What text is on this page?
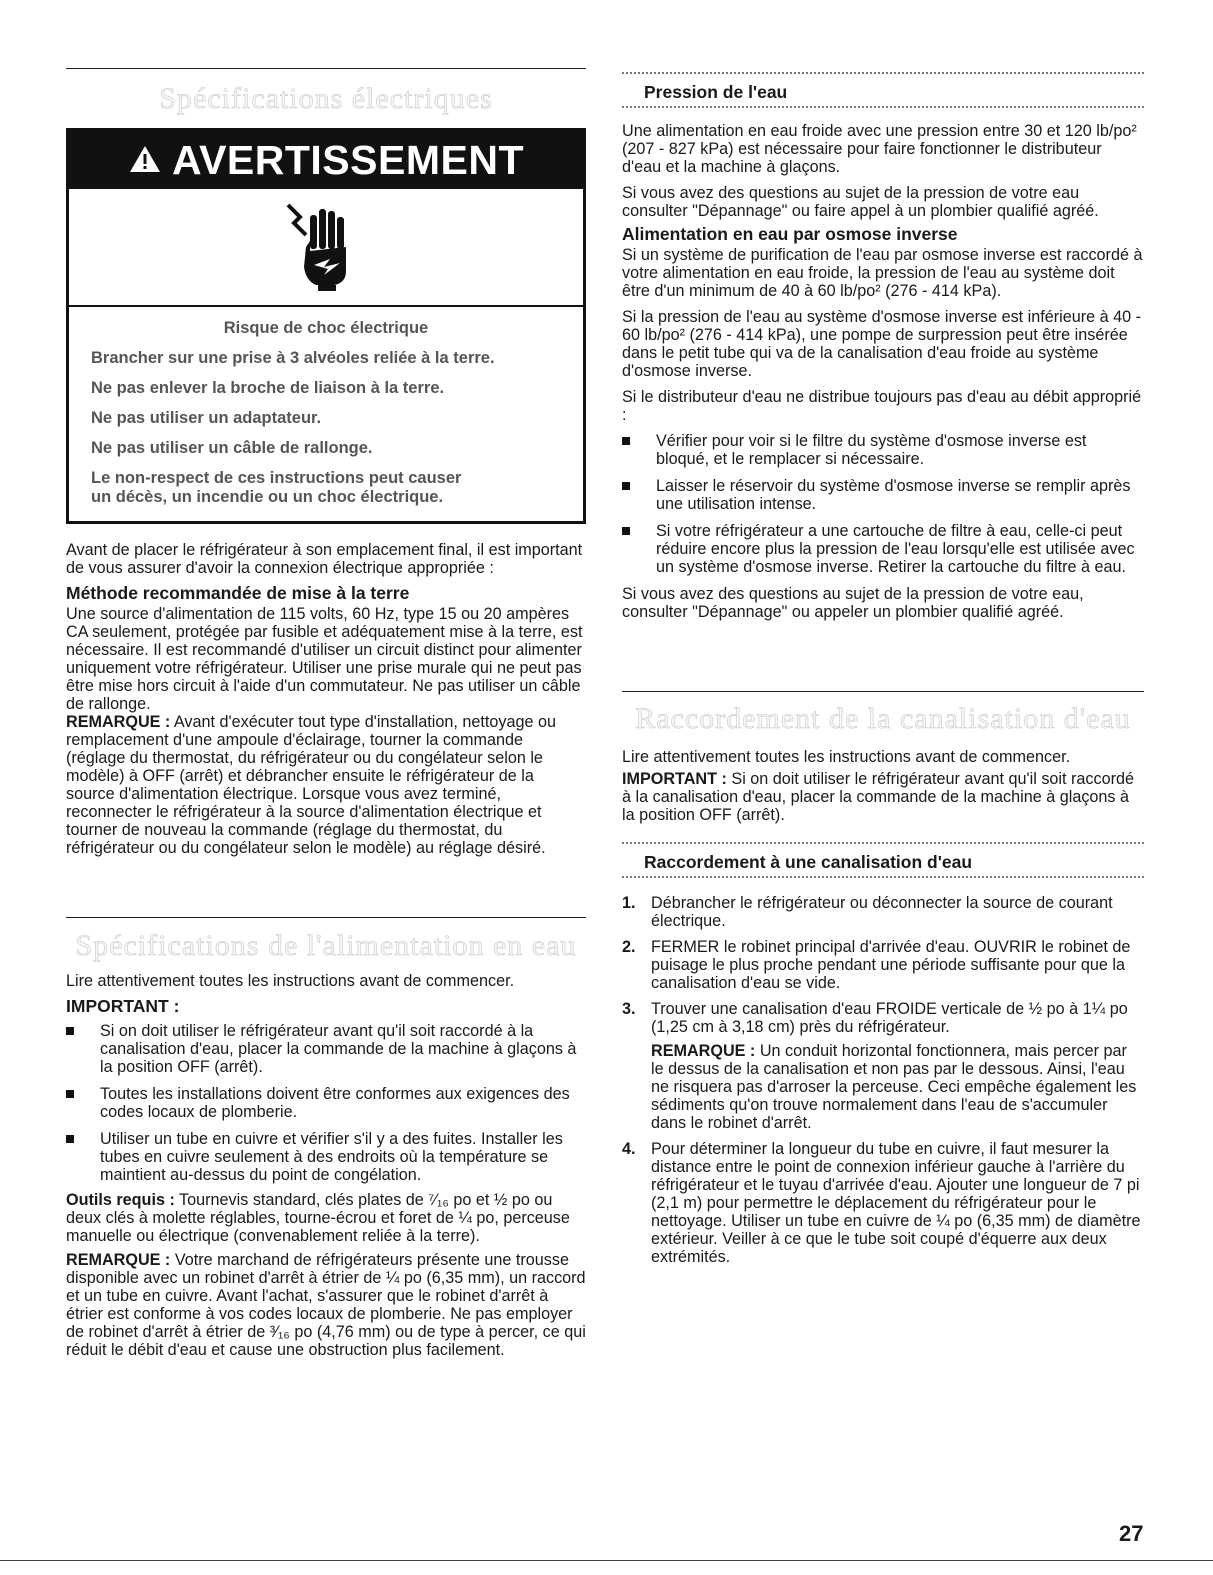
Spécifications électriques
AVERTISSEMENT

Risque de choc électrique

Brancher sur une prise à 3 alvéoles reliée à la terre.

Ne pas enlever la broche de liaison à la terre.

Ne pas utiliser un adaptateur.

Ne pas utiliser un câble de rallonge.

Le non-respect de ces instructions peut causer

un décès, un incendie ou un choc électrique.

Avant de placer le réfrigérateur à son emplacement final, il est important de vous assurer d'avoir la connexion électrique appropriée :

Méthode recommandée de mise à la terre

Une source d'alimentation de 115 volts, 60 Hz, type 15 ou 20 ampères CA seulement, protégée par fusible et adéquatement mise à la terre, est nécessaire. Il est recommandé d'utiliser un circuit distinct pour alimenter uniquement votre réfrigérateur. Utiliser une prise murale qui ne peut pas être mise hors circuit à l'aide d'un commutateur. Ne pas utiliser un câble de rallonge.

REMARQUE : Avant d'exécuter tout type d'installation, nettoyage ou remplacement d'une ampoule d'éclairage, tourner la commande (réglage du thermostat, du réfrigérateur ou du congélateur selon le modèle) à OFF (arrêt) et débrancher ensuite le réfrigérateur de la source d'alimentation électrique. Lorsque vous avez terminé, reconnecter le réfrigérateur à la source d'alimentation électrique et tourner de nouveau la commande (réglage du thermostat, du réfrigérateur ou du congélateur selon le modèle) au réglage désiré.

Spécifications de l'alimentation en eau

Lire attentivement toutes les instructions avant de commencer.

IMPORTANT :

Si on doit utiliser le réfrigérateur avant qu'il soit raccordé à la canalisation d'eau, placer la commande de la machine à glaçons à la position OFF (arrêt).
Toutes les installations doivent être conformes aux exigences des codes locaux de plomberie.
Utiliser un tube en cuivre et vérifier s'il y a des fuites. Installer les tubes en cuivre seulement à des endroits où la température se maintient au-dessus du point de congélation.

Outils requis : Tournevis standard, clés plates de ⁷⁄₁₆ po et ½ po ou deux clés à molette réglables, tourne-écrou et foret de ¼ po, perceuse manuelle ou électrique (convenablement reliée à la terre).

REMARQUE : Votre marchand de réfrigérateurs présente une trousse disponible avec un robinet d'arrêt à étrier de ¼ po (6,35 mm), un raccord et un tube en cuivre. Avant l'achat, s'assurer que le robinet d'arrêt à étrier est conforme à vos codes locaux de plomberie. Ne pas employer de robinet d'arrêt à étrier de ³⁄₁₆ po (4,76 mm) ou de type à percer, ce qui réduit le débit d'eau et cause une obstruction plus facilement.

Pression de l'eau

Une alimentation en eau froide avec une pression entre 30 et 120 lb/po² (207 - 827 kPa) est nécessaire pour faire fonctionner le distributeur d'eau et la machine à glaçons.

Si vous avez des questions au sujet de la pression de votre eau consulter "Dépannage" ou faire appel à un plombier qualifié agréé.

Alimentation en eau par osmose inverse

Si un système de purification de l'eau par osmose inverse est raccordé à votre alimentation en eau froide, la pression de l'eau au système doit être d'un minimum de 40 à 60 lb/po² (276 - 414 kPa).

Si la pression de l'eau au système d'osmose inverse est inférieure à 40 - 60 lb/po² (276 - 414 kPa), une pompe de surpression peut être insérée dans le petit tube qui va de la canalisation d'eau froide au système d'osmose inverse.

Si le distributeur d'eau ne distribue toujours pas d'eau au débit approprié :

Vérifier pour voir si le filtre du système d'osmose inverse est bloqué, et le remplacer si nécessaire.
Laisser le réservoir du système d'osmose inverse se remplir après une utilisation intense.
Si votre réfrigérateur a une cartouche de filtre à eau, celle-ci peut réduire encore plus la pression de l'eau lorsqu'elle est utilisée avec un système d'osmose inverse. Retirer la cartouche du filtre à eau.

Si vous avez des questions au sujet de la pression de votre eau, consulter "Dépannage" ou appeler un plombier qualifié agréé.

Raccordement de la canalisation d'eau

Lire attentivement toutes les instructions avant de commencer.

IMPORTANT : Si on doit utiliser le réfrigérateur avant qu'il soit raccordé à la canalisation d'eau, placer la commande de la machine à glaçons à la position OFF (arrêt).

Raccordement à une canalisation d'eau

1. Débrancher le réfrigérateur ou déconnecter la source de courant électrique.
2. FERMER le robinet principal d'arrivée d'eau. OUVRIR le robinet de puisage le plus proche pendant une période suffisante pour que la canalisation d'eau se vide.
3. Trouver une canalisation d'eau FROIDE verticale de ½ po à 1¼ po (1,25 cm à 3,18 cm) près du réfrigérateur.

REMARQUE : Un conduit horizontal fonctionnera, mais percer par le dessus de la canalisation et non pas par le dessous. Ainsi, l'eau ne risquera pas d'arroser la perceuse. Ceci empêche également les sédiments qu'on trouve normalement dans l'eau de s'accumuler dans le robinet d'arrêt.

4. Pour déterminer la longueur du tube en cuivre, il faut mesurer la distance entre le point de connexion inférieur gauche à l'arrière du réfrigérateur et le tuyau d'arrivée d'eau. Ajouter une longueur de 7 pi (2,1 m) pour permettre le déplacement du réfrigérateur pour le nettoyage. Utiliser un tube en cuivre de ¼ po (6,35 mm) de diamètre extérieur. Veiller à ce que le tube soit coupé d'équerre aux deux extrémités.
27
